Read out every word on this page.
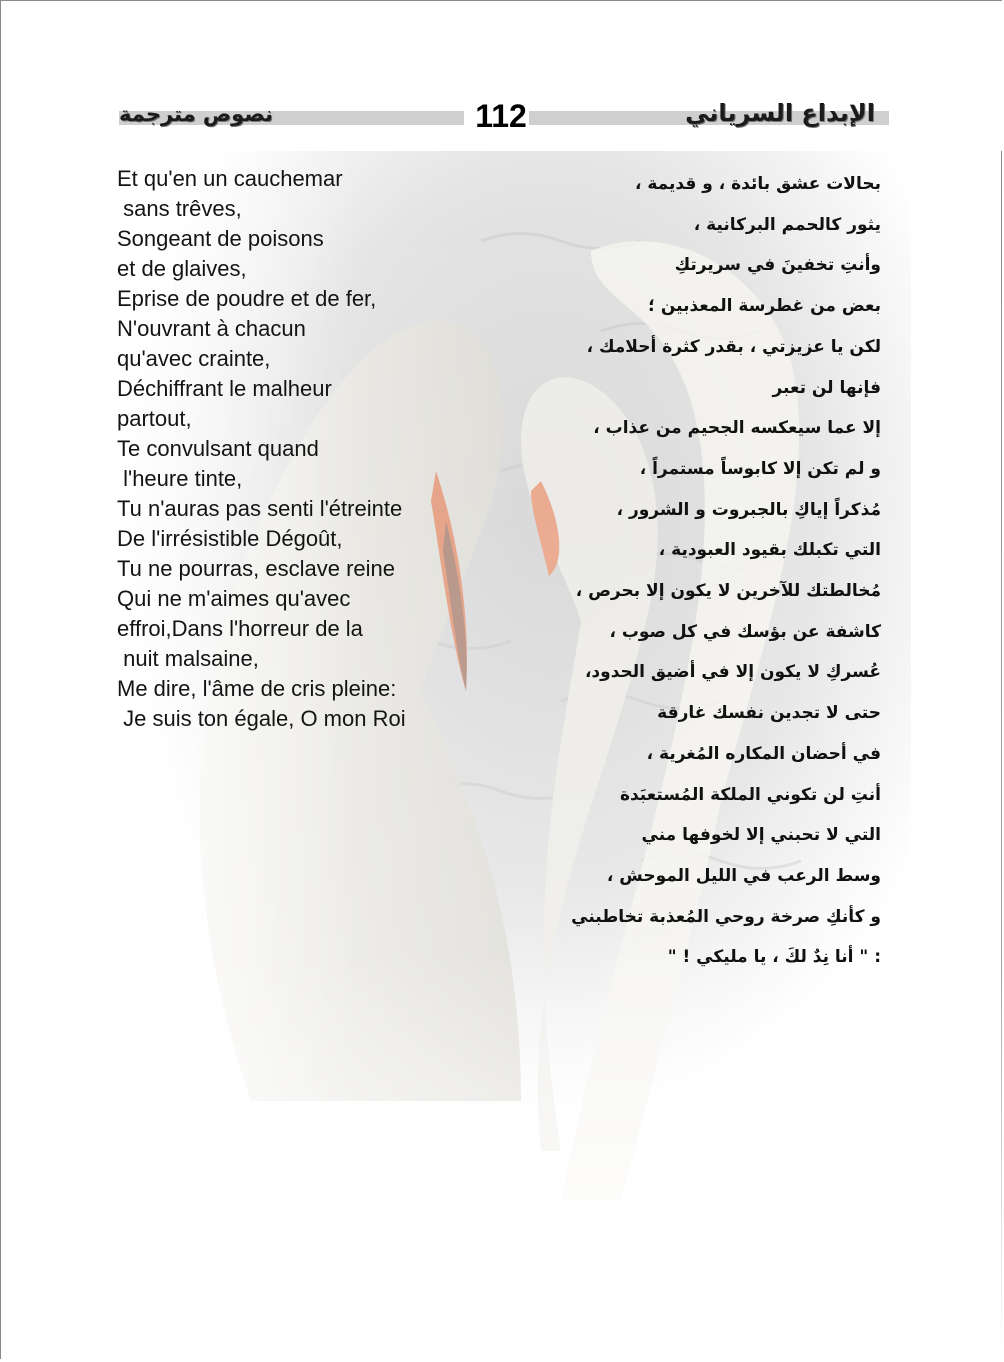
نصوص مترجمة	112	الإبداع السرياني
Et qu'en un cauchemar
sans trêves,
Songeant de poisons
et de glaives,
Eprise de poudre et de fer,
N'ouvrant à chacun
qu'avec crainte,
Déchiffrant le malheur
partout,
Te convulsant quand
l'heure tinte,
Tu n'auras pas senti l'étreinte
De l'irrésistible Dégoût,
Tu ne pourras, esclave reine
Qui ne m'aimes qu'avec
effroi,Dans l'horreur de la
nuit malsaine,
Me dire, l'âme de cris pleine:
Je suis ton égale, O mon Roi
بحالات عشق بائدة ، و قديمة ،
يثور كالحمم البركانية ،
وأنتِ تخفينَ في سريرتكِ
بعض من غطرسة المعذبين ؛
لكن يا عزيزتي ، بقدر كثرة أحلامك ،
فإنها لن تعبر
إلا عما سيعكسه الجحيم من عذاب ،
و لم تكن إلا كابوساً مستمراً ،
مُذكراً إياكِ بالجبروت و الشرور ،
التي تكبلك بقيود العبودية ،
مُخالطتك للآخرين لا يكون إلا بحرص ،
كاشفة عن بؤسك في كل صوب ،
عُسركِ لا يكون إلا في أضيق الحدود،
حتى لا تجدين نفسك غارقة
في أحضان المكاره المُغرية ،
أنتِ لن تكوني الملكة المُستعبَدة
التي لا تحبني إلا لخوفها مني
وسط الرعب في الليل الموحش ،
و كأنكِ صرخة روحي المُعذبة تخاطبني
: " أنا نِدٌ لكَ ، يا مليكي ! "
